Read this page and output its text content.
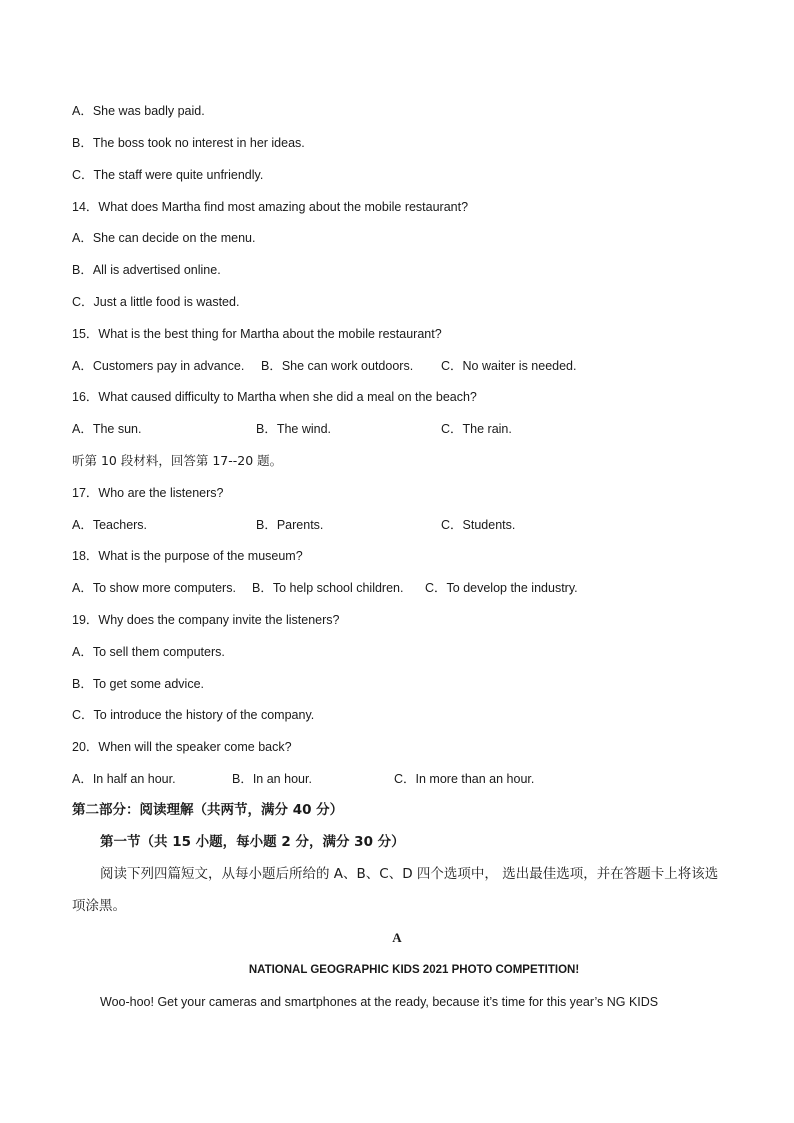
A．She was badly paid.
B．The boss took no interest in her ideas.
C．The staff were quite unfriendly.
14．What does Martha find most amazing about the mobile restaurant?
A．She can decide on the menu.
B．All is advertised online.
C．Just a little food is wasted.
15．What is the best thing for Martha about the mobile restaurant?
A．Customers pay in advance. B．She can work outdoors. C．No waiter is needed.
16．What caused difficulty to Martha when she did a meal on the beach?
A．The sun.	B．The wind.	C．The rain.
听第 10 段材料，回答第 17--20 题。
17．Who are the listeners?
A．Teachers.	B．Parents.	C．Students.
18．What is the purpose of the museum?
A．To show more computers. B．To help school children. C．To develop the industry.
19．Why does the company invite the listeners?
A．To sell them computers.
B．To get some advice.
C．To introduce the history of the company.
20．When will the speaker come back?
A．In half an hour.	B．In an hour.	C．In more than an hour.
第二部分：阅读理解（共两节，满分 40 分）
第一节（共 15 小题，每小题 2 分，满分 30 分）
阅读下列四篇短文，从每小题后所给的 A、B、C、D 四个选项中， 选出最佳选项，并在答题卡上将该选项涂黑。
A
NATIONAL GEOGRAPHIC KIDS 2021 PHOTO COMPETITION!
Woo-hoo! Get your cameras and smartphones at the ready, because it’s time for this year’s NG KIDS
